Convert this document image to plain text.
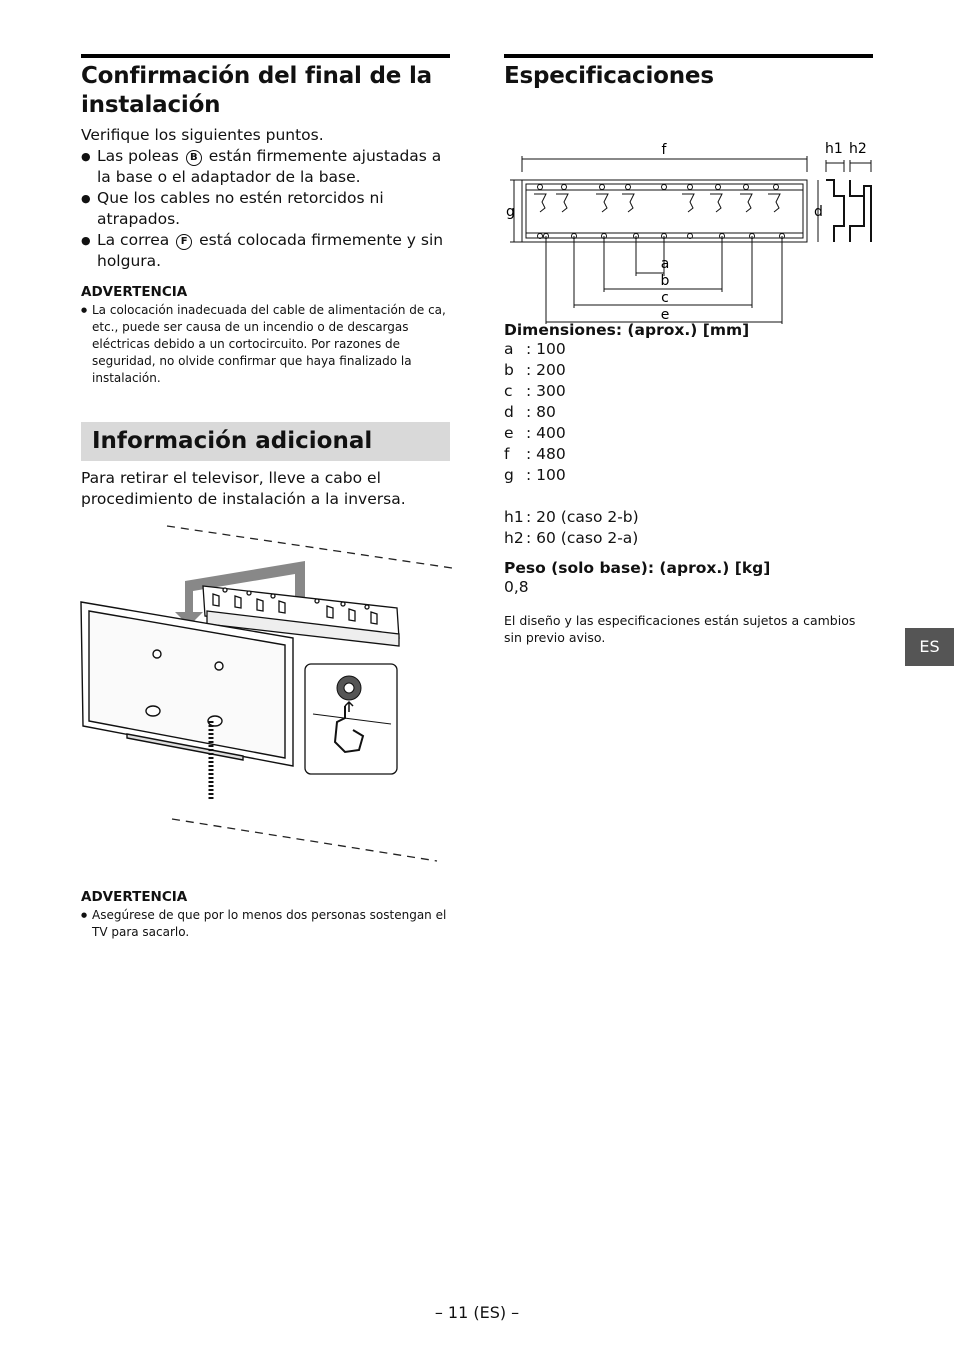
Confirmación del final de la instalación

Verifique los siguientes puntos.

● Las poleas B están firmemente ajustadas a la base o el adaptador de la base.
● Que los cables no estén retorcidos ni atrapados.
● La correa F está colocada firmemente y sin holgura.

ADVERTENCIA

● La colocación inadecuada del cable de alimentación de ca, etc., puede ser causa de un incendio o de descargas eléctricas debido a un cortocircuito. Por razones de seguridad, no olvide confirmar que haya finalizado la instalación.
Información adicional

Para retirar el televisor, lleve a cabo el procedimiento de instalación a la inversa.

ADVERTENCIA

● Asegúrese de que por lo menos dos personas sostengan el TV para sacarlo.
Especificaciones
f
g	d
h1 h2
a
b
c
e

Dimensiones: (aprox.) [mm]

a : 100
b : 200
c : 300
d : 80
e : 400
f	: 480
g : 100
h1 : 20 (caso 2-b)
h2 : 60 (caso 2-a)

Peso (solo base): (aprox.) [kg]

0,8

El diseño y las especificaciones están sujetos a cambios sin previo aviso.	ES
– 11 (ES) –
